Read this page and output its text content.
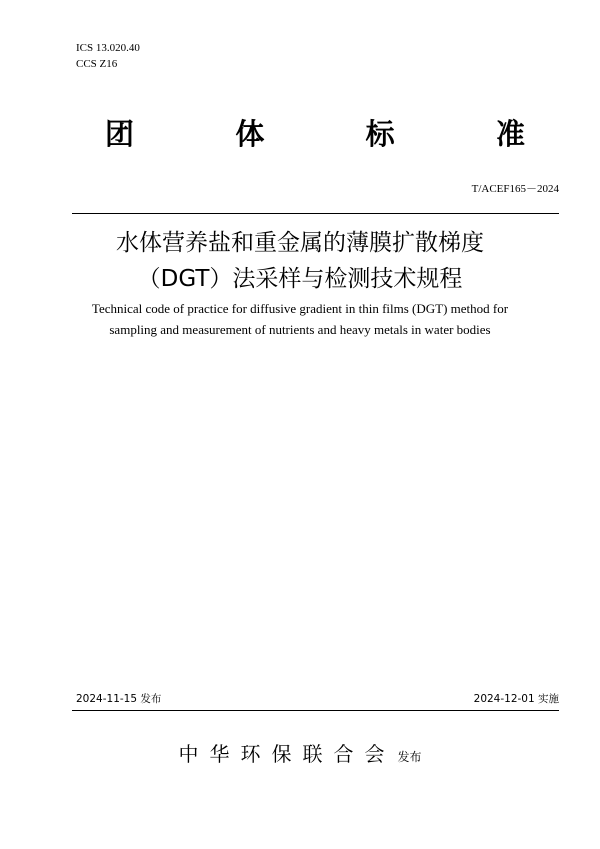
ICS 13.020.40
CCS Z16
团	体	标	准
T/ACEF165－2024
水体营养盐和重金属的薄膜扩散梯度
（DGT）法采样与检测技术规程
Technical code of practice for diffusive gradient in thin films (DGT) method for
sampling and measurement of nutrients and heavy metals in water bodies
2024-11-15 发布	2024-12-01 实施
中华环保联合会 发布
